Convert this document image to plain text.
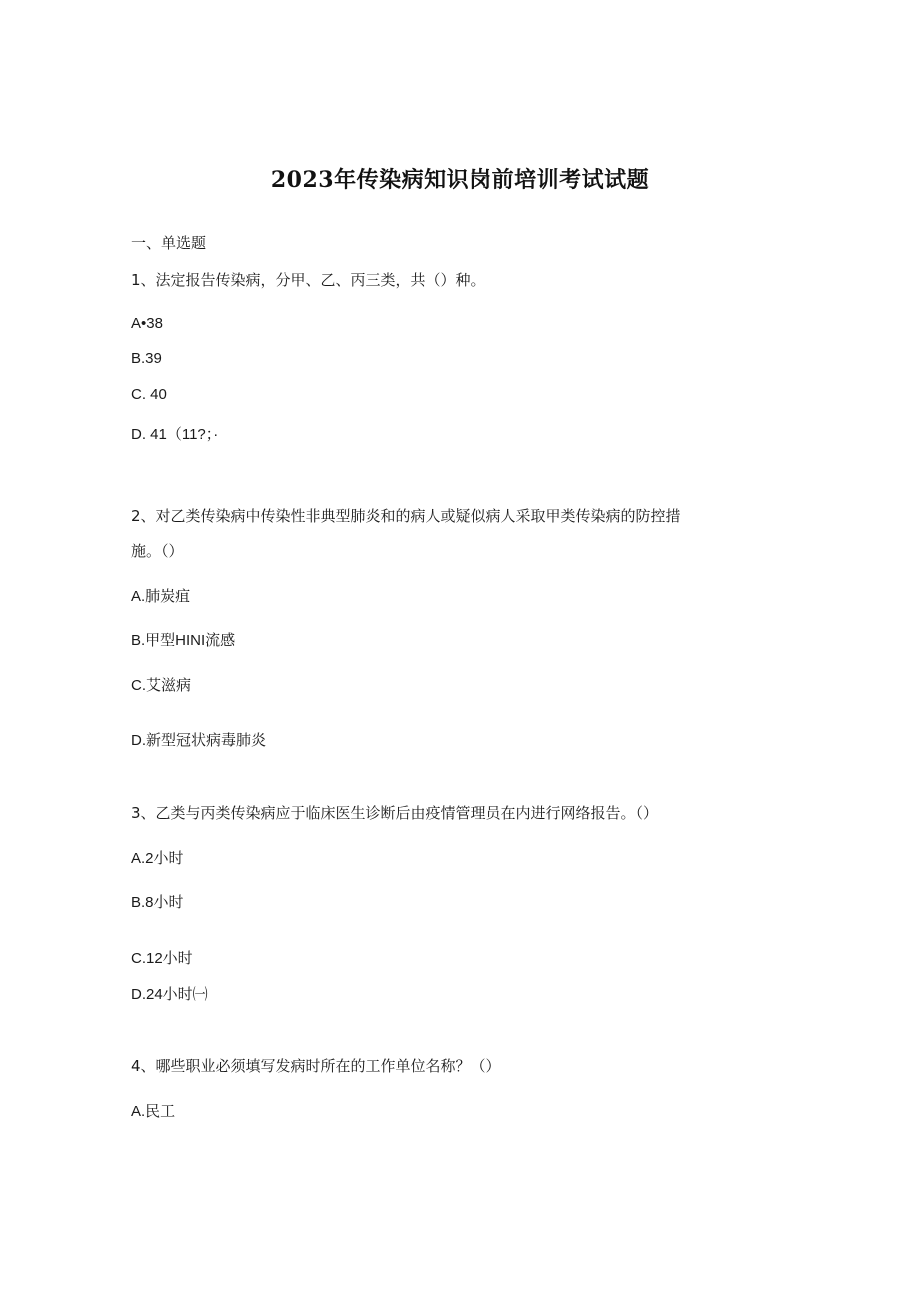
2023年传染病知识岗前培训考试试题
一、单选题
1、法定报告传染病，分甲、乙、丙三类，共（）种。
A•38
B.39
C. 40
D. 41（11?；·
2、对乙类传染病中传染性非典型肺炎和的病人或疑似病人采取甲类传染病的防控措
施。（）
A.肺炭疽
B.甲型HINI流感
C.艾滋病
D.新型冠状病毒肺炎
3、乙类与丙类传染病应于临床医生诊断后由疫情管理员在内进行网络报告。（）
A.2小时
B.8小时
C.12小时
D.24小时㈠
4、哪些职业必须填写发病时所在的工作单位名称？（）
A.民工
